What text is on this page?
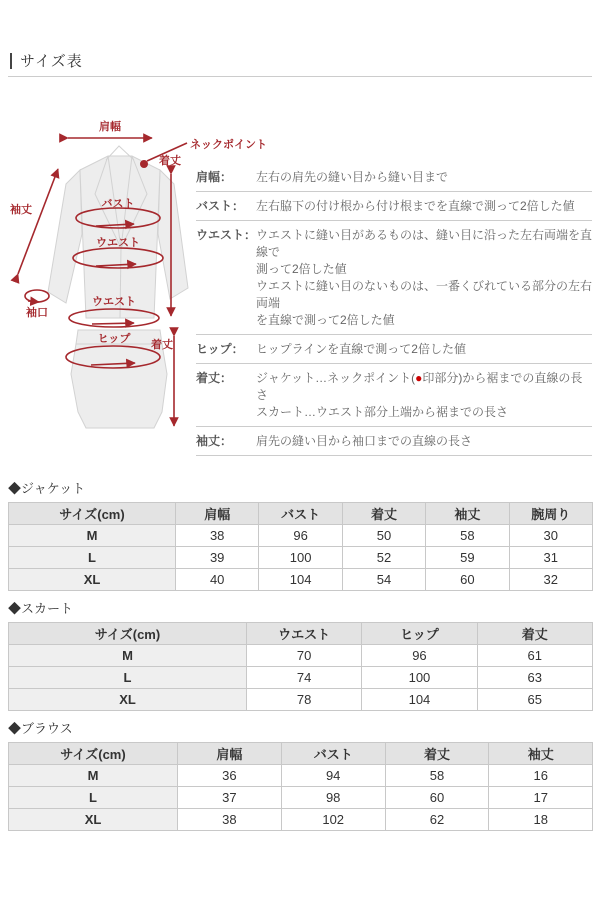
サイズ表
肩幅
ネックポイント
着丈
袖丈	バスト
ウエスト
袖口
ウエスト
ヒップ 着丈
肩幅：	左右の肩先の縫い目から縫い目まで
バスト： 左右脇下の付け根から付け根までを直線で測って2倍した値
ウエスト： ウエストに縫い目があるものは、縫い目に沿った左右両端を直線で
測って2倍した値
ウエストに縫い目のないものは、一番くびれている部分の左右両端
を直線で測って2倍した値
ヒップ：	ヒップラインを直線で測って2倍した値
着丈：	ジャケット…ネックポイント(●印部分)から裾までの直線の長さ
スカート…ウエスト部分上端から裾までの長さ
袖丈：	肩先の縫い目から袖口までの直線の長さ
◆ジャケット
サイズ(cm)	肩幅	バスト	着丈	袖丈	腕周り
M	38	96	50	58	30
L	39	100	52	59	31
XL	40	104	54	60	32
◆スカート
サイズ(cm)	ウエスト	ヒップ	着丈
M	70	96	61
L	74	100	63
XL	78	104	65
◆ブラウス
サイズ(cm)	肩幅	バスト	着丈	袖丈
M	36	94	58	16
L	37	98	60	17
XL	38	102	62	18
